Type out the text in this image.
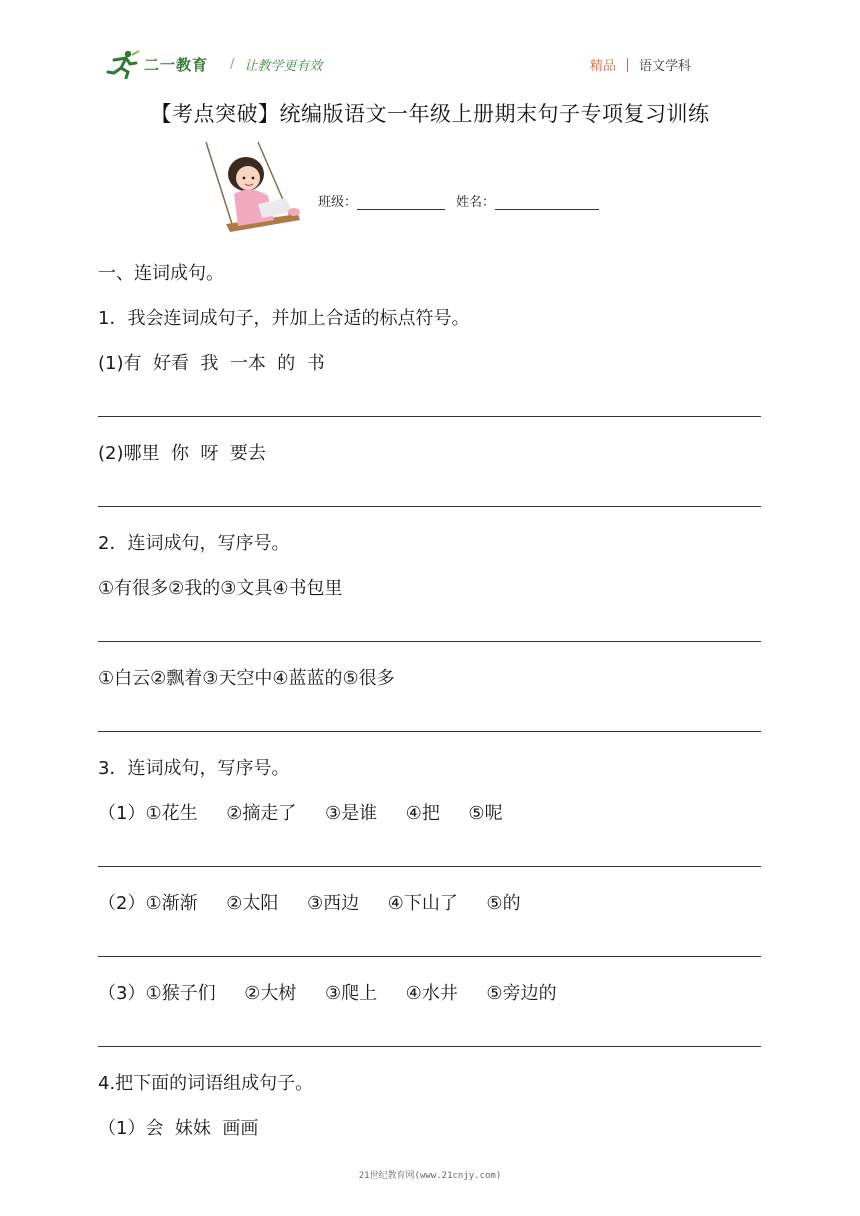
二一教育 / 让教学更有效	精品 语文学科
【考点突破】统编版语文一年级上册期末句子专项复习训练
班级：	姓名：
一、连词成句。
1．我会连词成句子，并加上合适的标点符号。
(1)有  好看  我  一本  的  书
(2)哪里  你  呀  要去
2．连词成句，写序号。
①有很多②我的③文具④书包里
①白云②飘着③天空中④蓝蓝的⑤很多
3．连词成句，写序号。
（1）①花生     ②摘走了     ③是谁     ④把     ⑤呢
（2）①渐渐     ②太阳     ③西边     ④下山了     ⑤的
（3）①猴子们     ②大树     ③爬上     ④水井     ⑤旁边的
4.把下面的词语组成句子。
（1）会  妹妹  画画
21世纪教育网(www.21cnjy.com)
